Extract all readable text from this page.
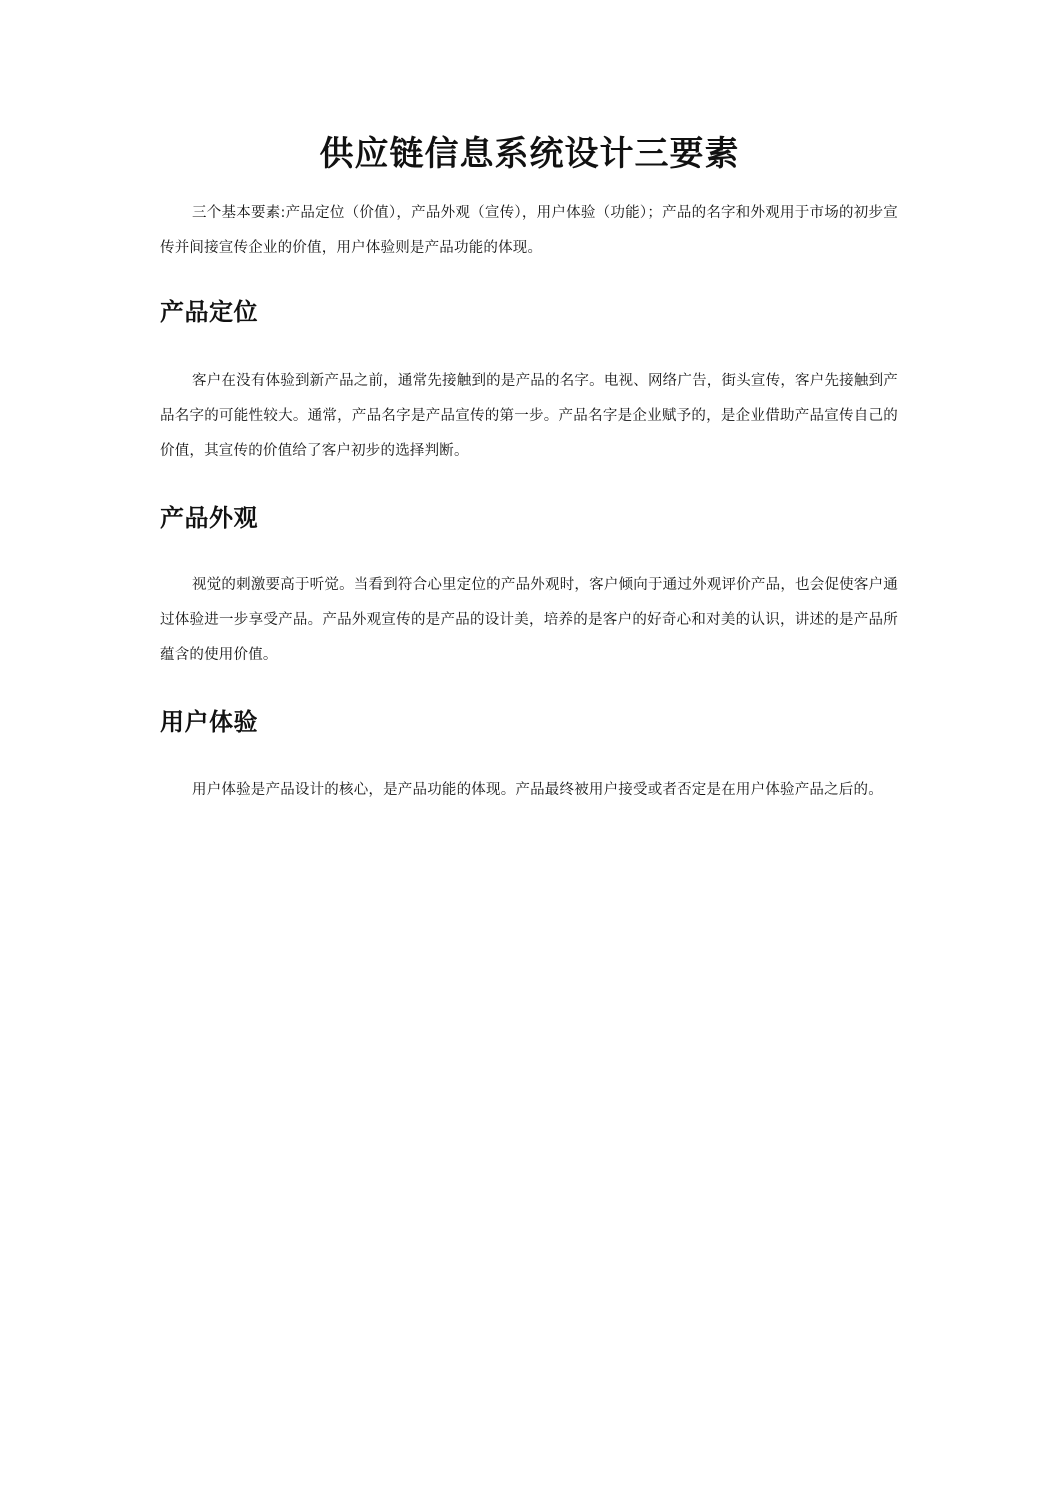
供应链信息系统设计三要素

三个基本要素:产品定位（价值），产品外观（宣传），用户体验（功能）；产品的名字和外观用于市场的初步宣传并间接宣传企业的价值，用户体验则是产品功能的体现。

产品定位

客户在没有体验到新产品之前，通常先接触到的是产品的名字。电视、网络广告，街头宣传，客户先接触到产品名字的可能性较大。通常，产品名字是产品宣传的第一步。产品名字是企业赋予的，是企业借助产品宣传自己的价值，其宣传的价值给了客户初步的选择判断。

产品外观

视觉的刺激要高于听觉。当看到符合心里定位的产品外观时，客户倾向于通过外观评价产品，也会促使客户通过体验进一步享受产品。产品外观宣传的是产品的设计美，培养的是客户的好奇心和对美的认识，讲述的是产品所蕴含的使用价值。

用户体验

用户体验是产品设计的核心，是产品功能的体现。产品最终被用户接受或者否定是在用户体验产品之后的。
